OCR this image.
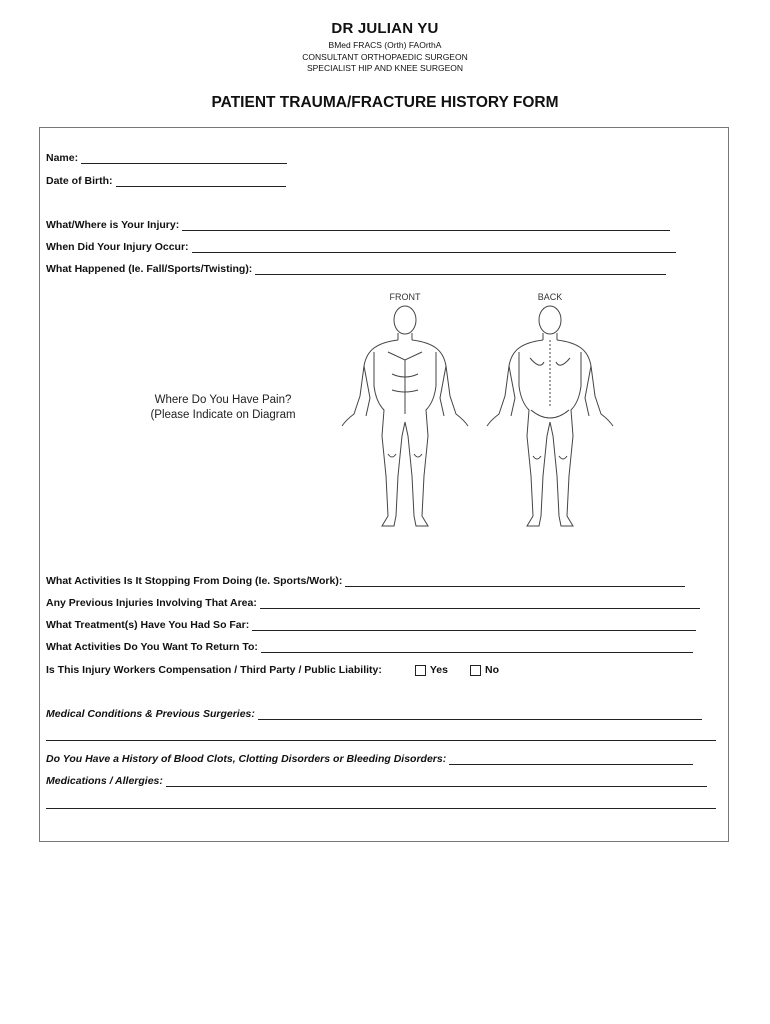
DR JULIAN YU
BMed FRACS (Orth) FAOrthA
CONSULTANT ORTHOPAEDIC SURGEON
SPECIALIST HIP AND KNEE SURGEON
PATIENT TRAUMA/FRACTURE HISTORY FORM
Name:
Date of Birth:
What/Where is Your Injury:
When Did Your Injury Occur:
What Happened (Ie. Fall/Sports/Twisting):
Where Do You Have Pain?
(Please Indicate on Diagram
FRONT	BACK
What Activities Is It Stopping From Doing (Ie. Sports/Work):
Any Previous Injuries Involving That Area:
What Treatment(s) Have You Had So Far:
What Activities Do You Want To Return To:
Is This Injury Workers Compensation / Third Party / Public Liability:	Yes	No
Medical Conditions & Previous Surgeries:
Do You Have a History of Blood Clots, Clotting Disorders or Bleeding Disorders:
Medications / Allergies:
